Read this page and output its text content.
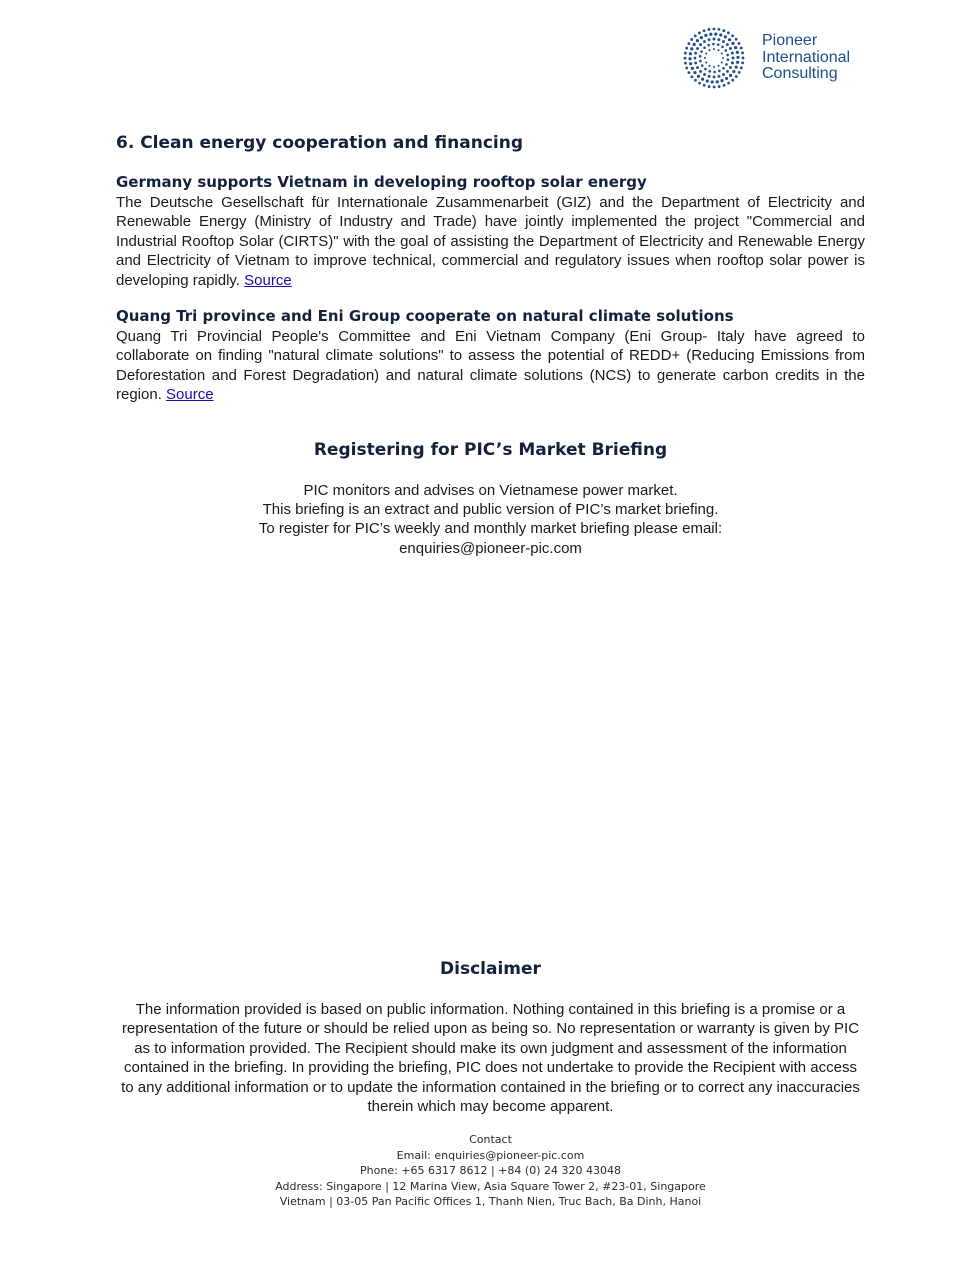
Pioneer
International
Consulting
6. Clean energy cooperation and financing
Germany supports Vietnam in developing rooftop solar energy

The Deutsche Gesellschaft für Internationale Zusammenarbeit (GIZ) and the Department of Electricity and Renewable Energy (Ministry of Industry and Trade) have jointly implemented the project "Commercial and Industrial Rooftop Solar (CIRTS)" with the goal of assisting the Department of Electricity and Renewable Energy and Electricity of Vietnam to improve technical, commercial and regulatory issues when rooftop solar power is developing rapidly. Source

Quang Tri province and Eni Group cooperate on natural climate solutions

Quang Tri Provincial People's Committee and Eni Vietnam Company (Eni Group- Italy have agreed to collaborate on finding "natural climate solutions" to assess the potential of REDD+ (Reducing Emissions from Deforestation and Forest Degradation) and natural climate solutions (NCS) to generate carbon credits in the region. Source

Registering for PIC’s Market Briefing
PIC monitors and advises on Vietnamese power market.
This briefing is an extract and public version of PIC’s market briefing.
To register for PIC’s weekly and monthly market briefing please email:
enquiries@pioneer-pic.com
Disclaimer

The information provided is based on public information. Nothing contained in this briefing is a promise or a representation of the future or should be relied upon as being so. No representation or warranty is given by PIC as to information provided. The Recipient should make its own judgment and assessment of the information contained in the briefing. In providing the briefing, PIC does not undertake to provide the Recipient with access to any additional information or to update the information contained in the briefing or to correct any inaccuracies therein which may become apparent.

Contact
Email: enquiries@pioneer-pic.com
Phone: +65 6317 8612 | +84 (0) 24 320 43048
Address: Singapore | 12 Marina View, Asia Square Tower 2, #23-01, Singapore
Vietnam | 03-05 Pan Pacific Offices 1, Thanh Nien, Truc Bach, Ba Dinh, Hanoi
